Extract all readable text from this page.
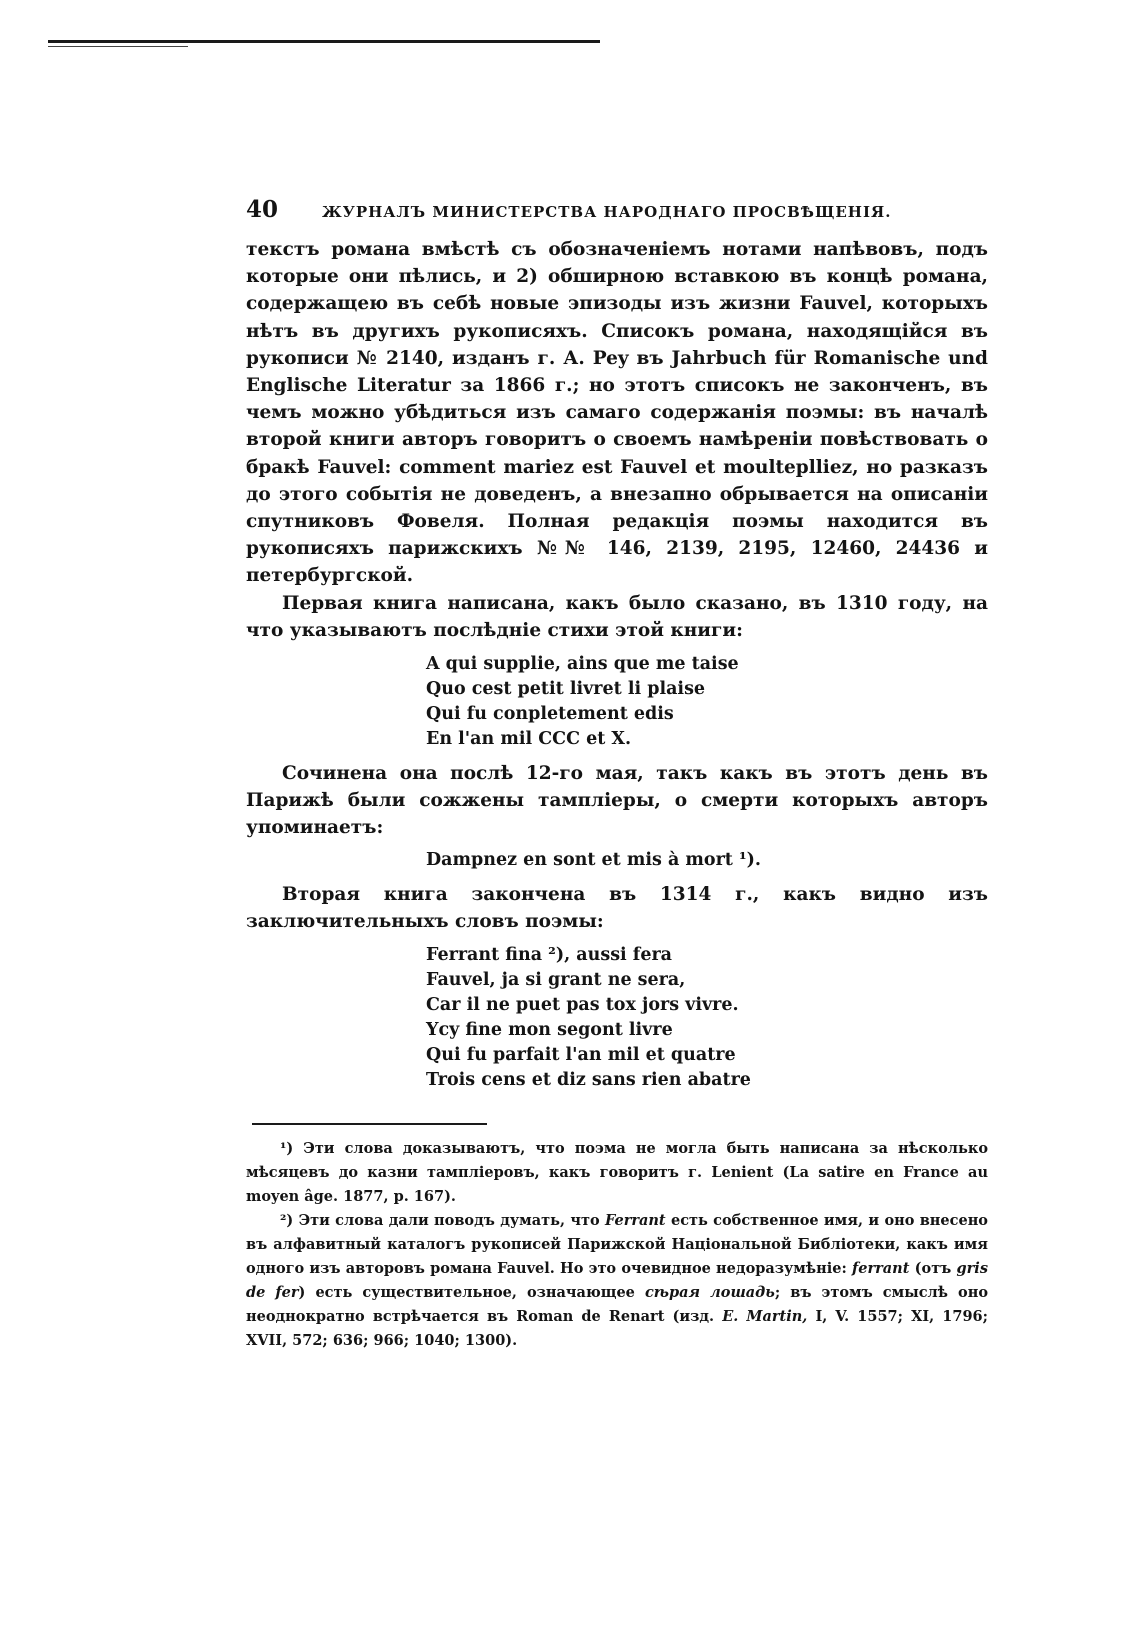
40	ЖУРНАЛЪ МИНИСТЕРСТВА НАРОДНАГО ПРОСВѢЩЕНІЯ.

текстъ романа вмѣстѣ съ обозначеніемъ нотами напѣвовъ, подъ которые они пѣлись, и 2) обширною вставкою въ концѣ романа, содержащею въ себѣ новые эпизоды изъ жизни Fauvel, которыхъ нѣтъ въ другихъ рукописяхъ. Списокъ романа, находящійся въ рукописи № 2140, изданъ г. А. Pey въ Jahrbuch für Romanische und Englische Literatur за 1866 г.; но этотъ списокъ не законченъ, въ чемъ можно убѣдиться изъ самаго содержанія поэмы: въ началѣ второй книги авторъ говоритъ о своемъ намѣреніи повѣствовать о бракѣ Fauvel: comment mariez est Fauvel et moulteplliez, но разказъ до этого событія не доведенъ, а внезапно обрывается на описаніи спутниковъ Фовеля. Полная редакція поэмы находится въ рукописяхъ парижскихъ №№ 146, 2139, 2195, 12460, 24436 и петербургской.

Первая книга написана, какъ было сказано, въ 1310 году, на что указываютъ послѣдніе стихи этой книги:

A qui supplie, ains que me taise
Quo cest petit livret li plaise
Qui fu conpletement edis
En l'an mil CCC et X.

Сочинена она послѣ 12-го мая, такъ какъ въ этотъ день въ Парижѣ были сожжены тампліеры, о смерти которыхъ авторъ упоминаетъ:

Dampnez en sont et mis à mort ¹).

Вторая книга закончена въ 1314 г., какъ видно изъ заключительныхъ словъ поэмы:

Ferrant fina ²), aussi fera
Fauvel, ja si grant ne sera,
Car il ne puet pas tox jors vivre.
Ycy fine mon segont livre
Qui fu parfait l'an mil et quatre
Trois cens et diz sans rien abatre

¹) Эти слова доказываютъ, что поэма не могла быть написана за нѣсколько мѣсяцевъ до казни тампліеровъ, какъ говоритъ г. Lenient (La satire en France au moyen âge. 1877, p. 167).

²) Эти слова дали поводъ думать, что Ferrant есть собственное имя, и оно внесено въ алфавитный каталогъ рукописей Парижской Національной Библіотеки, какъ имя одного изъ авторовъ романа Fauvel. Но это очевидное недоразумѣніе: ferrant (отъ gris de fer) есть существительное, означающее сѣрая лошадь; въ этомъ смыслѣ оно неоднократно встрѣчается въ Roman de Renart (изд. E. Martin, I, V. 1557; XI, 1796; XVII, 572; 636; 966; 1040; 1300).
